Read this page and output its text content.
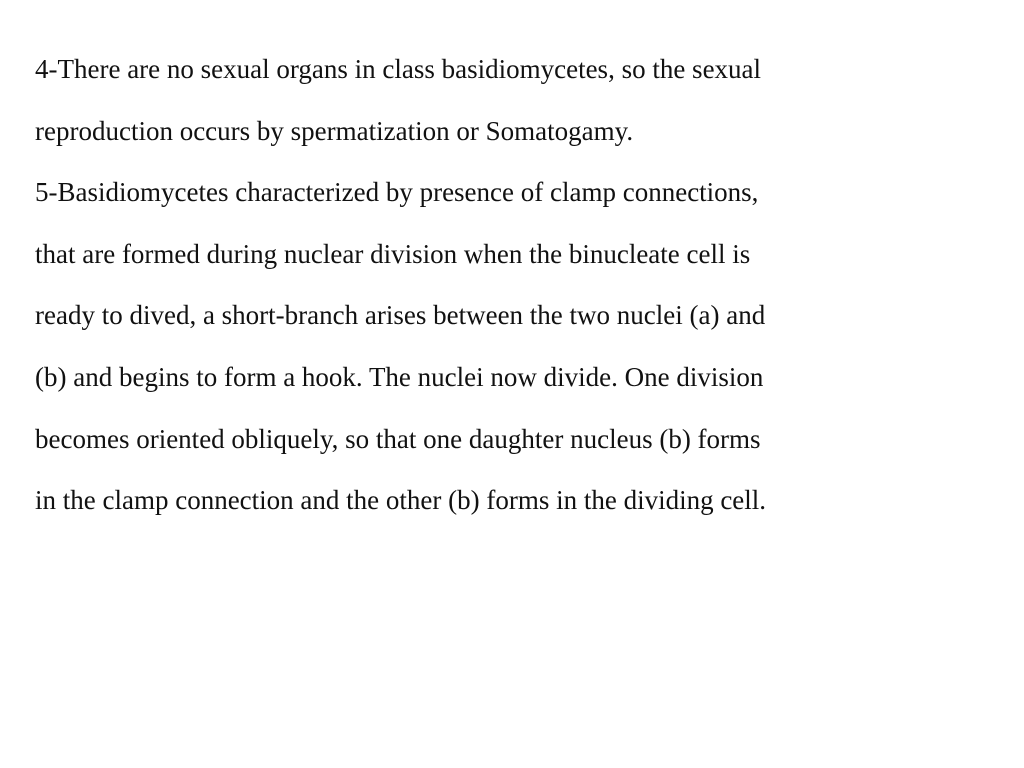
4-There are no sexual organs in class basidiomycetes, so the sexual
reproduction occurs by spermatization or Somatogamy.
5-Basidiomycetes characterized by presence of clamp connections,
that are formed during nuclear division when the binucleate cell is
ready to dived, a short-branch arises between the two nuclei (a) and
(b) and begins to form a hook. The nuclei now divide. One division
becomes oriented obliquely, so that one daughter nucleus (b) forms
in the clamp connection and the other (b) forms in the dividing cell.
